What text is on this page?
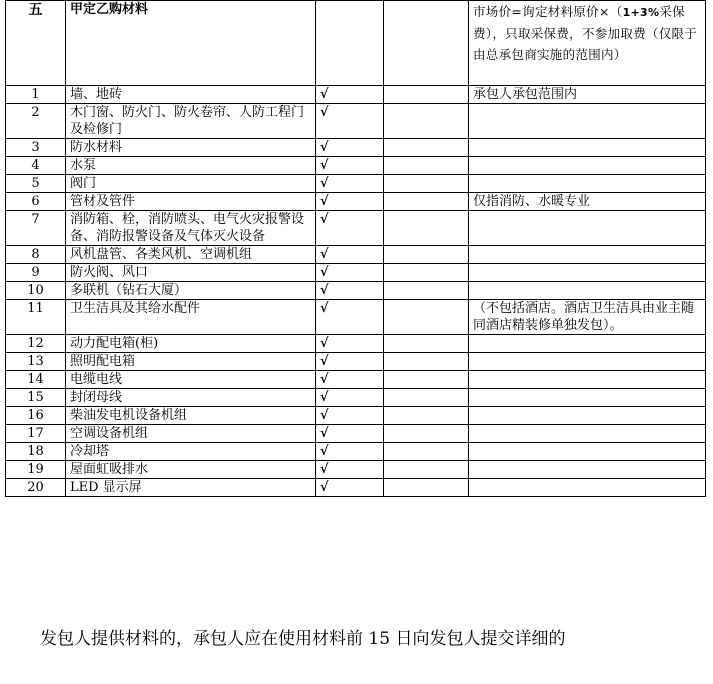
五	甲定乙购材料			市场价=询定材料原价×（1+3%采保费），只取采保费，不参加取费（仅限于由总承包商实施的范围内）
1	墙、地砖	√		承包人承包范围内
2	木门窗、防火门、防火卷帘、人防工程门及检修门	√		
3	防水材料	√		
4	水泵	√		
5	阀门	√		
6	管材及管件	√		仅指消防、水暖专业
7	消防箱、栓，消防喷头、电气火灾报警设备、消防报警设备及气体灭火设备	√		
8	风机盘管、各类风机、空调机组	√		
9	防火阀、风口	√		
10	多联机（钻石大厦）	√		
11	卫生洁具及其给水配件	√		（不包括酒店。酒店卫生洁具由业主随同酒店精装修单独发包）。
12	动力配电箱(柜)	√		
13	照明配电箱	√		
14	电缆电线	√		
15	封闭母线	√		
16	柴油发电机设备机组	√		
17	空调设备机组	√		
18	冷却塔	√		
19	屋面虹吸排水	√		
20	LED 显示屏	√		
发包人提供材料的，承包人应在使用材料前 15 日向发包人提交详细的
